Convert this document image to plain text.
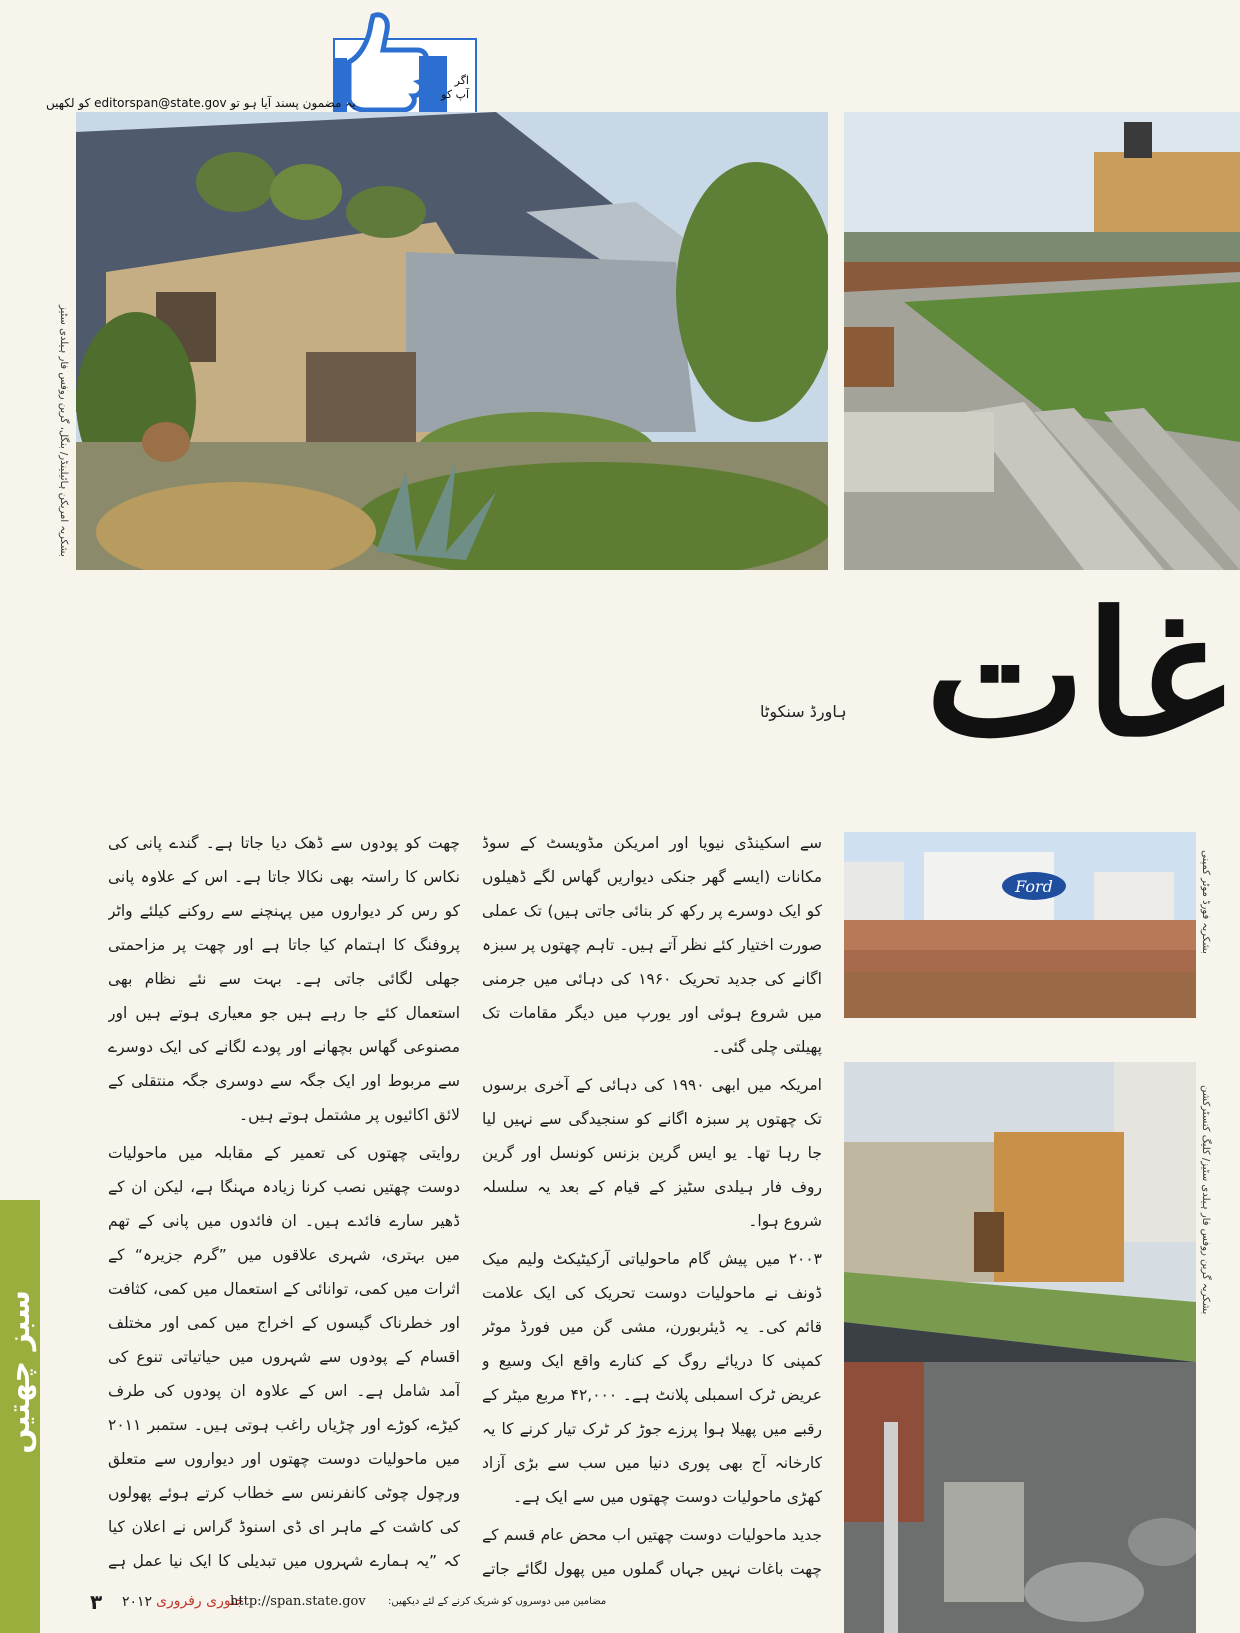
اگر
آپ کو
یہ مضمون پسند آیا ہو تو editorspan@state.gov کو لکھیں
بشکریہ امریکن ہائیلینڈر/ بنگل، گرین روفس فار ہیلدی سٹیز
غات
ہاورڈ سنکوٹا
Ford	بشکریہ فورڈ موٹر کمپنی
بشکریہ گرین روفس فار ہیلدی سٹیز/ کلیگ کنسٹرکشن

سے اسکینڈی نیویا اور امریکن مڈویسٹ کے سوڈ مکانات (ایسے گھر جنکی دیواریں گھاس لگے ڈھیلوں کو ایک دوسرے پر رکھ کر بنائی جاتی ہیں) تک عملی صورت اختیار کئے نظر آتے ہیں۔ تاہم چھتوں پر سبزہ اگانے کی جدید تحریک ۱۹۶۰ کی دہائی میں جرمنی میں شروع ہوئی اور یورپ میں دیگر مقامات تک پھیلتی چلی گئی۔

امریکہ میں ابھی ۱۹۹۰ کی دہائی کے آخری برسوں تک چھتوں پر سبزہ اگانے کو سنجیدگی سے نہیں لیا جا رہا تھا۔ یو ایس گرین بزنس کونسل اور گرین روف فار ہیلدی سٹیز کے قیام کے بعد یہ سلسلہ شروع ہوا۔

۲۰۰۳ میں پیش گام ماحولیاتی آرکیٹیکٹ ولیم میک ڈونف نے ماحولیات دوست تحریک کی ایک علامت قائم کی۔ یہ ڈیئربورن، مشی گن میں فورڈ موٹر کمپنی کا دریائے روگ کے کنارے واقع ایک وسیع و عریض ٹرک اسمبلی پلانٹ ہے۔ ۴۲,۰۰۰ مربع میٹر کے رقبے میں پھیلا ہوا پرزے جوڑ کر ٹرک تیار کرنے کا یہ کارخانہ آج بھی پوری دنیا میں سب سے بڑی آزاد کھڑی ماحولیات دوست چھتوں میں سے ایک ہے۔

جدید ماحولیات دوست چھتیں اب محض عام قسم کے چھت باغات نہیں جہاں گملوں میں پھول لگائے جاتے

چھت کو پودوں سے ڈھک دیا جاتا ہے۔ گندے پانی کی نکاس کا راستہ بھی نکالا جاتا ہے۔ اس کے علاوہ پانی کو رس کر دیواروں میں پہنچنے سے روکنے کیلئے واٹر پروفنگ کا اہتمام کیا جاتا ہے اور چھت پر مزاحمتی جھلی لگائی جاتی ہے۔ بہت سے نئے نظام بھی استعمال کئے جا رہے ہیں جو معیاری ہوتے ہیں اور مصنوعی گھاس بچھانے اور پودے لگانے کی ایک دوسرے سے مربوط اور ایک جگہ سے دوسری جگہ منتقلی کے لائق اکائیوں پر مشتمل ہوتے ہیں۔

روایتی چھتوں کی تعمیر کے مقابلہ میں ماحولیات دوست چھتیں نصب کرنا زیادہ مہنگا ہے، لیکن ان کے ڈھیر سارے فائدے ہیں۔ ان فائدوں میں پانی کے تھم میں بہتری، شہری علاقوں میں ”گرم جزیرہ“ کے اثرات میں کمی، توانائی کے استعمال میں کمی، کثافت اور خطرناک گیسوں کے اخراج میں کمی اور مختلف اقسام کے پودوں سے شہروں میں حیاتیاتی تنوع کی آمد شامل ہے۔ اس کے علاوہ ان پودوں کی طرف کیڑے، کوڑے اور چڑیاں راغب ہوتی ہیں۔ ستمبر ۲۰۱۱ میں ماحولیات دوست چھتوں اور دیواروں سے متعلق ورچول چوٹی کانفرنس سے خطاب کرتے ہوئے پھولوں کی کاشت کے ماہر ای ڈی اسنوڈ گراس نے اعلان کیا کہ ”یہ ہمارے شہروں میں تبدیلی کا ایک نیا عمل ہے

سبز چھتیں
۳ ۲۰۱۲ جنوری رفروری
http://span.state.gov مضامین میں دوسروں کو شریک کرنے کے لئے دیکھیں:
